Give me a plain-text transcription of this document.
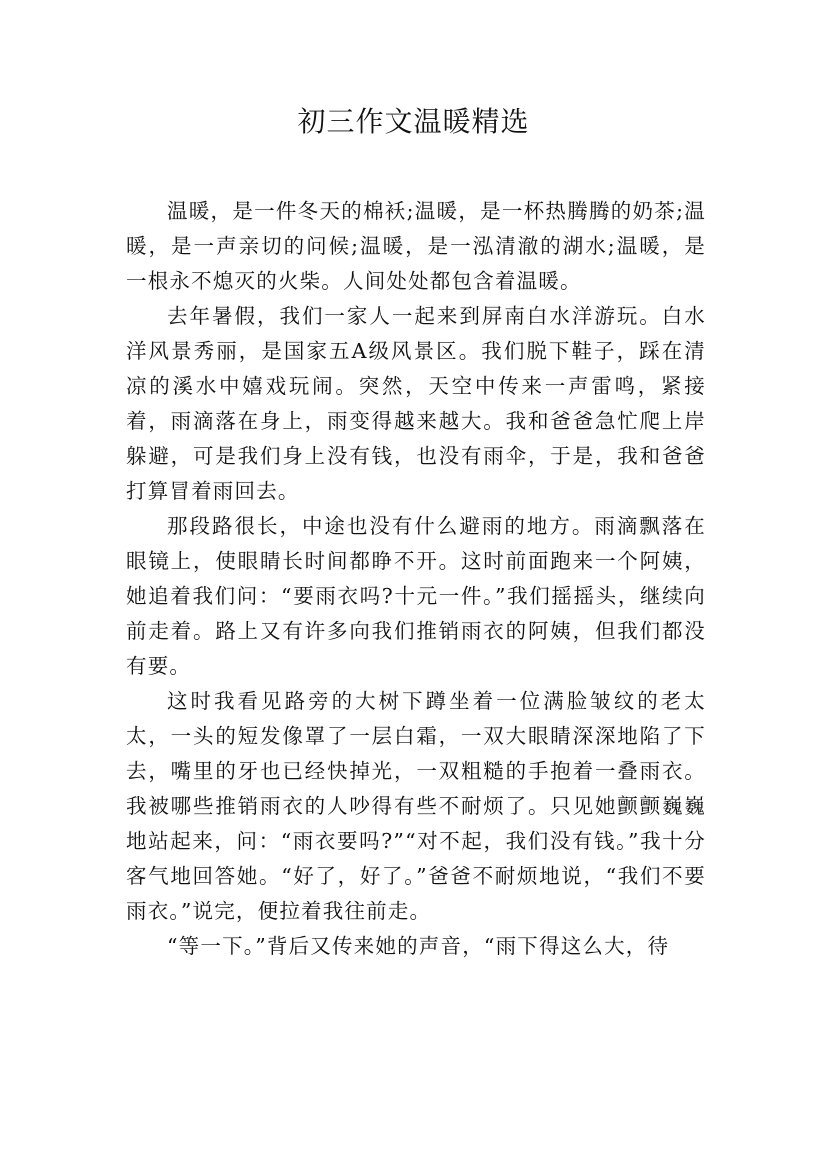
初三作文温暖精选

温暖，是一件冬天的棉袄;温暖，是一杯热腾腾的奶茶;温暖，是一声亲切的问候;温暖，是一泓清澈的湖水;温暖，是一根永不熄灭的火柴。人间处处都包含着温暖。

去年暑假，我们一家人一起来到屏南白水洋游玩。白水洋风景秀丽，是国家五A级风景区。我们脱下鞋子，踩在清凉的溪水中嬉戏玩闹。突然，天空中传来一声雷鸣，紧接着，雨滴落在身上，雨变得越来越大。我和爸爸急忙爬上岸躲避，可是我们身上没有钱，也没有雨伞，于是，我和爸爸打算冒着雨回去。

那段路很长，中途也没有什么避雨的地方。雨滴飘落在眼镜上，使眼睛长时间都睁不开。这时前面跑来一个阿姨，她追着我们问：“要雨衣吗?十元一件。”我们摇摇头，继续向前走着。路上又有许多向我们推销雨衣的阿姨，但我们都没有要。

这时我看见路旁的大树下蹲坐着一位满脸皱纹的老太太，一头的短发像罩了一层白霜，一双大眼睛深深地陷了下去，嘴里的牙也已经快掉光，一双粗糙的手抱着一叠雨衣。我被哪些推销雨衣的人吵得有些不耐烦了。只见她颤颤巍巍地站起来，问：“雨衣要吗?”“对不起，我们没有钱。”我十分客气地回答她。“好了，好了。”爸爸不耐烦地说，“我们不要雨衣。”说完，便拉着我往前走。

“等一下。”背后又传来她的声音，“雨下得这么大，待
